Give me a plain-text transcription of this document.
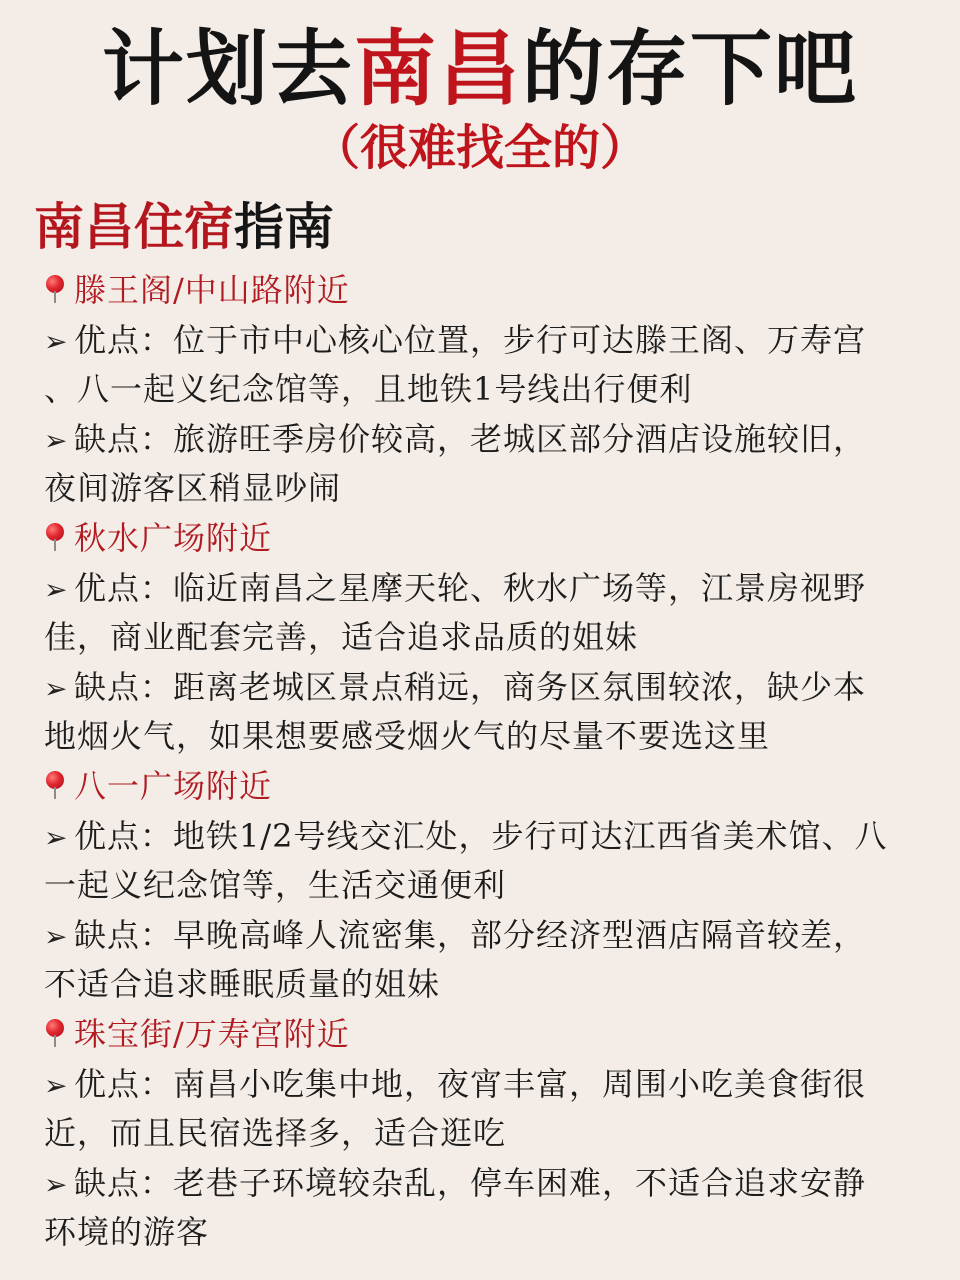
计划去南昌的存下吧
（很难找全的）
南昌住宿指南
滕王阁/中山路附近
➢ 优点：位于市中心核心位置，步行可达滕王阁、万寿宫
、八一起义纪念馆等，且地铁1号线出行便利
➢ 缺点：旅游旺季房价较高，老城区部分酒店设施较旧，
夜间游客区稍显吵闹
秋水广场附近
➢ 优点：临近南昌之星摩天轮、秋水广场等，江景房视野
佳，商业配套完善，适合追求品质的姐妹
➢ 缺点：距离老城区景点稍远，商务区氛围较浓，缺少本
地烟火气，如果想要感受烟火气的尽量不要选这里
八一广场附近
➢ 优点：地铁1/2号线交汇处，步行可达江西省美术馆、八
一起义纪念馆等，生活交通便利
➢ 缺点：早晚高峰人流密集，部分经济型酒店隔音较差，
不适合追求睡眠质量的姐妹
珠宝街/万寿宫附近
➢ 优点：南昌小吃集中地，夜宵丰富，周围小吃美食街很
近，而且民宿选择多，适合逛吃
➢ 缺点：老巷子环境较杂乱，停车困难，不适合追求安静
环境的游客
